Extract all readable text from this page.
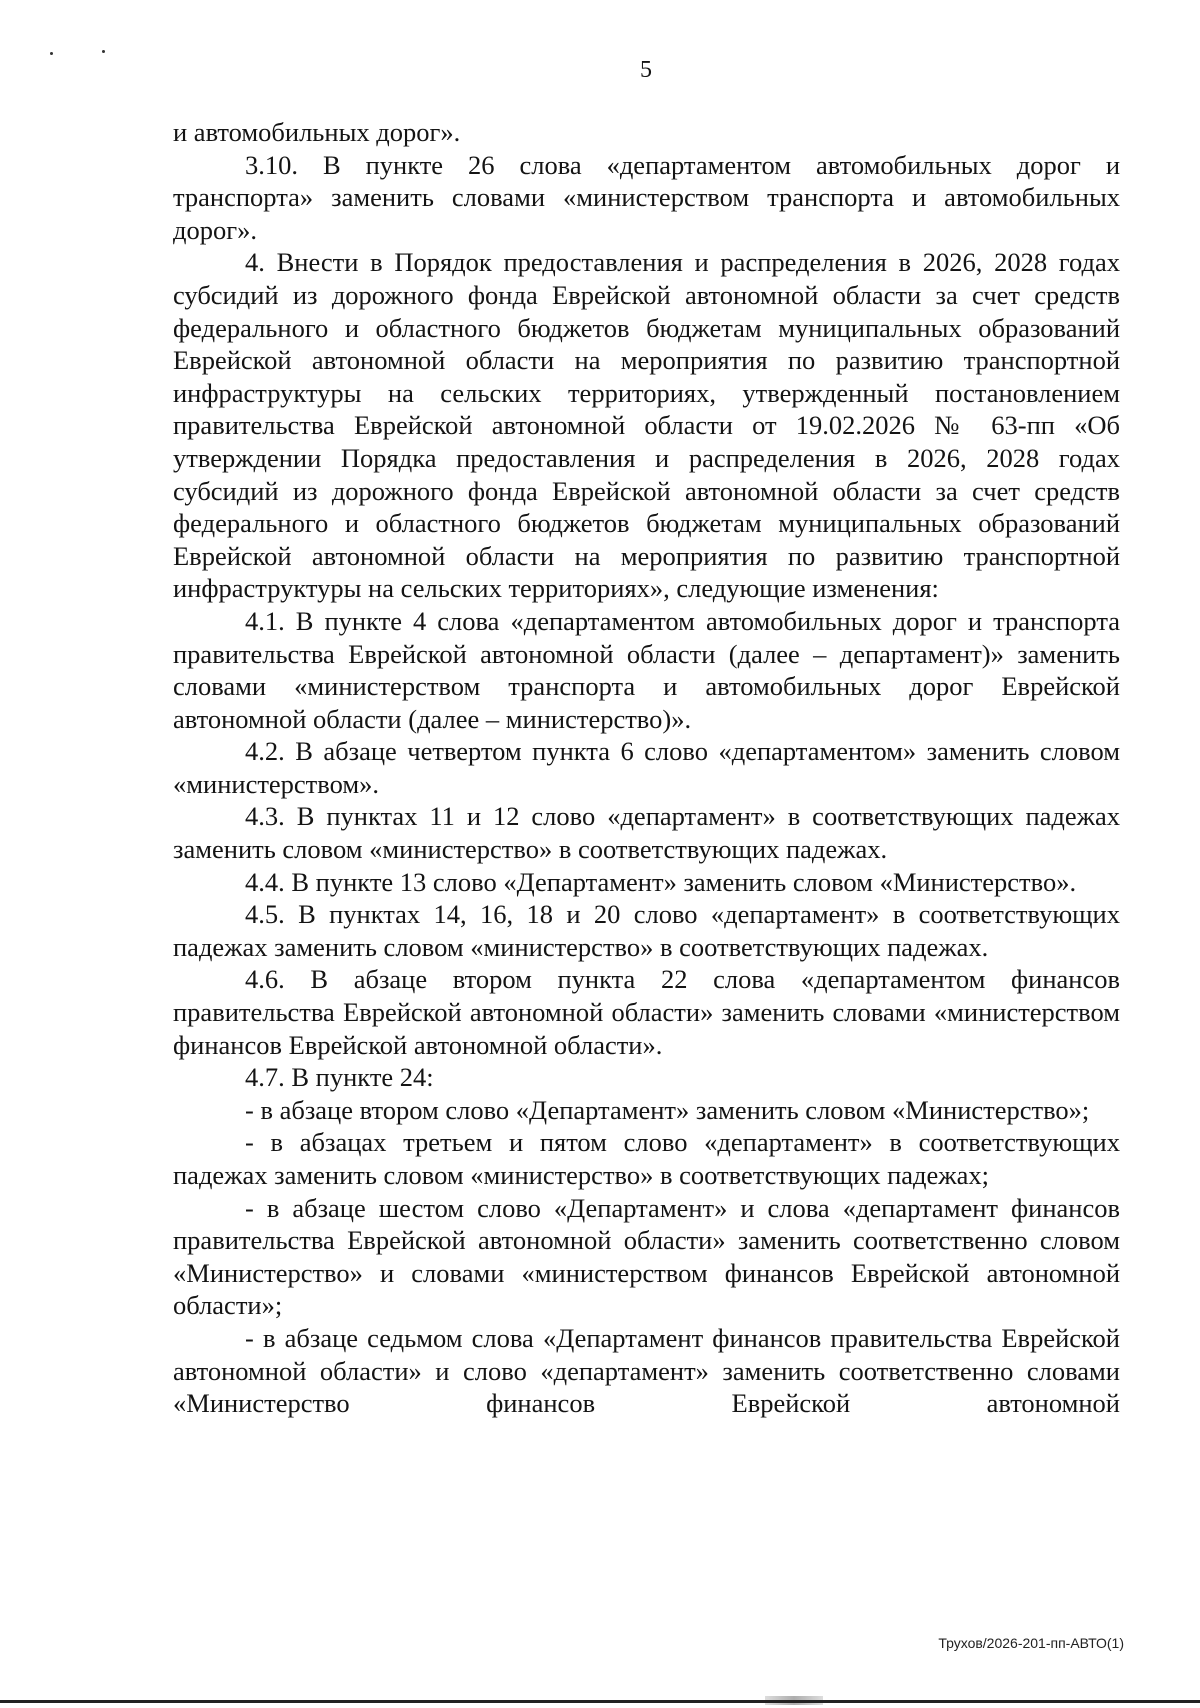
5

и автомобильных дорог».

3.10. В пункте 26 слова «департаментом автомобильных дорог и транспорта» заменить словами «министерством транспорта и автомобильных дорог».

4. Внести в Порядок предоставления и распределения в 2026, 2028 годах субсидий из дорожного фонда Еврейской автономной области за счет средств федерального и областного бюджетов бюджетам муниципальных образований Еврейской автономной области на мероприятия по развитию транспортной инфраструктуры на сельских территориях, утвержденный постановлением правительства Еврейской автономной области от 19.02.2026 № 63-пп «Об утверждении Порядка предоставления и распределения в 2026, 2028 годах субсидий из дорожного фонда Еврейской автономной области за счет средств федерального и областного бюджетов бюджетам муниципальных образований Еврейской автономной области на мероприятия по развитию транспортной инфраструктуры на сельских территориях», следующие изменения:

4.1. В пункте 4 слова «департаментом автомобильных дорог и транспорта правительства Еврейской автономной области (далее – департамент)» заменить словами «министерством транспорта и автомобильных дорог Еврейской автономной области (далее – министерство)».

4.2. В абзаце четвертом пункта 6 слово «департаментом» заменить словом «министерством».

4.3. В пунктах 11 и 12 слово «департамент» в соответствующих падежах заменить словом «министерство» в соответствующих падежах.

4.4. В пункте 13 слово «Департамент» заменить словом «Министерство».

4.5. В пунктах 14, 16, 18 и 20 слово «департамент» в соответствующих падежах заменить словом «министерство» в соответствующих падежах.

4.6. В абзаце втором пункта 22 слова «департаментом финансов правительства Еврейской автономной области» заменить словами «министерством финансов Еврейской автономной области».

4.7. В пункте 24:

- в абзаце втором слово «Департамент» заменить словом «Министерство»;

- в абзацах третьем и пятом слово «департамент» в соответствующих падежах заменить словом «министерство» в соответствующих падежах;

- в абзаце шестом слово «Департамент» и слова «департамент финансов правительства Еврейской автономной области» заменить соответственно словом «Министерство» и словами «министерством финансов Еврейской автономной области»;

- в абзаце седьмом слова «Департамент финансов правительства Еврейской автономной области» и слово «департамент» заменить соответственно словами «Министерство финансов Еврейской автономной

Трухов/2026-201-пп-АВТО(1)
